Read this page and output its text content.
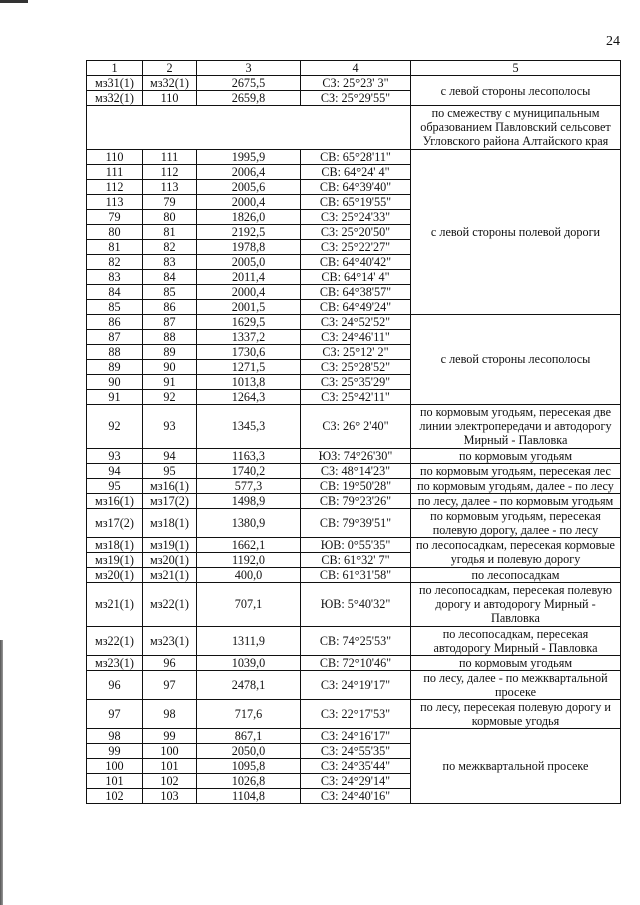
24
1	2	3	4	5
мз31(1)	мз32(1)	2675,5	СЗ: 25°23' 3"	с левой стороны лесополосы
мз32(1)	110	2659,8	СЗ: 25°29'55"	
				по смежеству с муниципальным образованием Павловский сельсовет Угловского района Алтайского края
110	111	1995,9	СВ: 65°28'11"	с левой стороны полевой дороги
111	112	2006,4	СВ: 64°24' 4"	
112	113	2005,6	СВ: 64°39'40"	
113	79	2000,4	СВ: 65°19'55"	
79	80	1826,0	СЗ: 25°24'33"	
80	81	2192,5	СЗ: 25°20'50"	
81	82	1978,8	СЗ: 25°22'27"	
82	83	2005,0	СВ: 64°40'42"	
83	84	2011,4	СВ: 64°14' 4"	
84	85	2000,4	СВ: 64°38'57"	
85	86	2001,5	СВ: 64°49'24"	
86	87	1629,5	СЗ: 24°52'52"	с левой стороны лесополосы
87	88	1337,2	СЗ: 24°46'11"	
88	89	1730,6	СЗ: 25°12' 2"	
89	90	1271,5	СЗ: 25°28'52"	
90	91	1013,8	СЗ: 25°35'29"	
91	92	1264,3	СЗ: 25°42'11"	
92	93	1345,3	СЗ: 26° 2'40"	по кормовым угодьям, пересекая две линии электропередачи и автодорогу Мирный - Павловка
93	94	1163,3	ЮЗ: 74°26'30"	по кормовым угодьям
94	95	1740,2	СЗ: 48°14'23"	по кормовым угодьям, пересекая лес
95	мз16(1)	577,3	СВ: 19°50'28"	по кормовым угодьям, далее - по лесу
мз16(1)	мз17(2)	1498,9	СВ: 79°23'26"	по лесу, далее - по кормовым угодьям
мз17(2)	мз18(1)	1380,9	СВ: 79°39'51"	по кормовым угодьям, пересекая полевую дорогу, далее - по лесу
мз18(1)	мз19(1)	1662,1	ЮВ: 0°55'35"	по лесопосадкам, пересекая кормовые угодья и полевую дорогу
мз19(1)	мз20(1)	1192,0	СВ: 61°32' 7"	
мз20(1)	мз21(1)	400,0	СВ: 61°31'58"	по лесопосадкам
мз21(1)	мз22(1)	707,1	ЮВ: 5°40'32"	по лесопосадкам, пересекая полевую дорогу и автодорогу Мирный - Павловка
мз22(1)	мз23(1)	1311,9	СВ: 74°25'53"	по лесопосадкам, пересекая автодорогу Мирный - Павловка
мз23(1)	96	1039,0	СВ: 72°10'46"	по кормовым угодьям
96	97	2478,1	СЗ: 24°19'17"	по лесу, далее - по межквартальной просеке
97	98	717,6	СЗ: 22°17'53"	по лесу, пересекая полевую дорогу и кормовые угодья
98	99	867,1	СЗ: 24°16'17"	по межквартальной просеке
99	100	2050,0	СЗ: 24°55'35"	
100	101	1095,8	СЗ: 24°35'44"	
101	102	1026,8	СЗ: 24°29'14"	
102	103	1104,8	СЗ: 24°40'16"	
